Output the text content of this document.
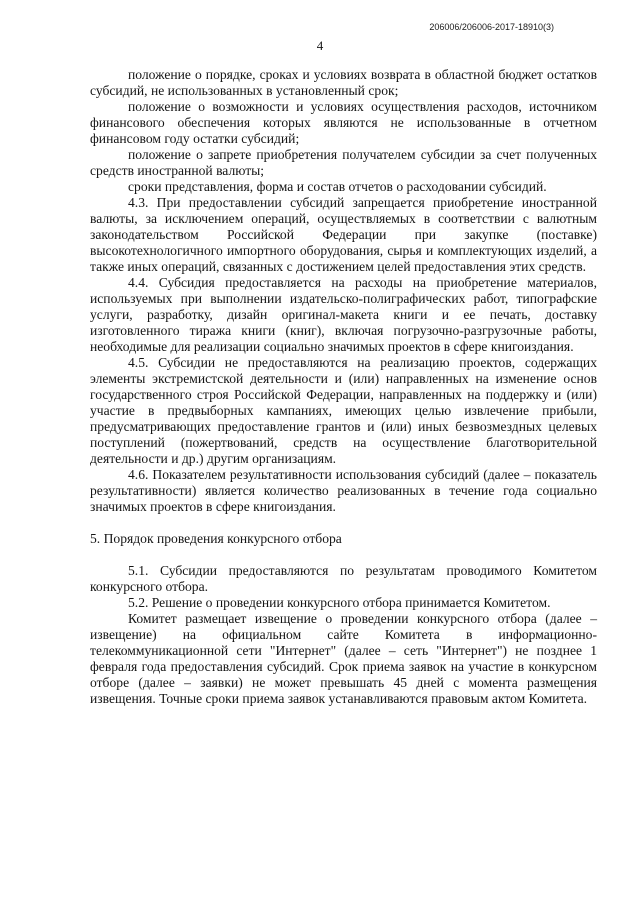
206006/206006-2017-18910(3)
4

положение о порядке, сроках и условиях возврата в областной бюджет остатков субсидий, не использованных в установленный срок;

положение о возможности и условиях осуществления расходов, источником финансового обеспечения которых являются не использованные в отчетном финансовом году остатки субсидий;

положение о запрете приобретения получателем субсидии за счет полученных средств иностранной валюты;

сроки представления, форма и состав отчетов о расходовании субсидий.

4.3. При предоставлении субсидий запрещается приобретение иностранной валюты, за исключением операций, осуществляемых в соответствии с валютным законодательством Российской Федерации при закупке (поставке) высокотехнологичного импортного оборудования, сырья и комплектующих изделий, а также иных операций, связанных с достижением целей предоставления этих средств.

4.4. Субсидия предоставляется на расходы на приобретение материалов, используемых при выполнении издательско-полиграфических работ, типографские услуги, разработку, дизайн оригинал-макета книги и ее печать, доставку изготовленного тиража книги (книг), включая погрузочно-разгрузочные работы, необходимые для реализации социально значимых проектов в сфере книгоиздания.

4.5. Субсидии не предоставляются на реализацию проектов, содержащих элементы экстремистской деятельности и (или) направленных на изменение основ государственного строя Российской Федерации, направленных на поддержку и (или) участие в предвыборных кампаниях, имеющих целью извлечение прибыли, предусматривающих предоставление грантов и (или) иных безвозмездных целевых поступлений (пожертвований, средств на осуществление благотворительной деятельности и др.) другим организациям.

4.6. Показателем результативности использования субсидий (далее – показатель результативности) является количество реализованных в течение года социально значимых проектов в сфере книгоиздания.

5. Порядок проведения конкурсного отбора

5.1. Субсидии предоставляются по результатам проводимого Комитетом конкурсного отбора.

5.2. Решение о проведении конкурсного отбора принимается Комитетом.

Комитет размещает извещение о проведении конкурсного отбора (далее – извещение) на официальном сайте Комитета в информационно-телекоммуникационной сети "Интернет" (далее – сеть "Интернет") не позднее 1 февраля года предоставления субсидий. Срок приема заявок на участие в конкурсном отборе (далее – заявки) не может превышать 45 дней с момента размещения извещения. Точные сроки приема заявок устанавливаются правовым актом Комитета.
